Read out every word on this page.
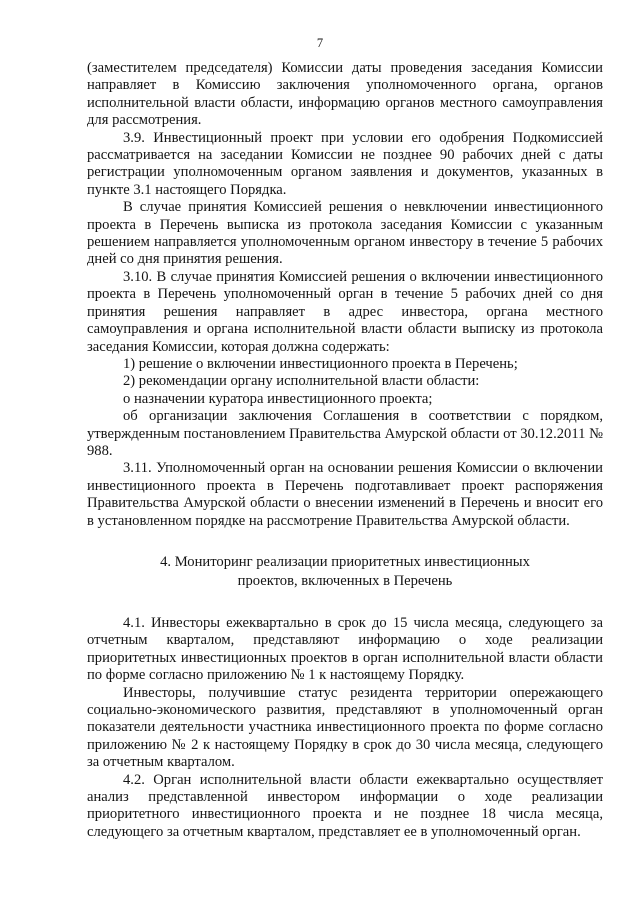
7

(заместителем председателя) Комиссии даты проведения заседания Комиссии направляет в Комиссию заключения уполномоченного органа, органов исполнительной власти области, информацию органов местного самоуправления для рассмотрения.

3.9. Инвестиционный проект при условии его одобрения Подкомиссией рассматривается на заседании Комиссии не позднее 90 рабочих дней с даты регистрации уполномоченным органом заявления и документов, указанных в пункте 3.1 настоящего Порядка.

В случае принятия Комиссией решения о невключении инвестиционного проекта в Перечень выписка из протокола заседания Комиссии с указанным решением направляется уполномоченным органом инвестору в течение 5 рабочих дней со дня принятия решения.

3.10. В случае принятия Комиссией решения о включении инвестиционного проекта в Перечень уполномоченный орган в течение 5 рабочих дней со дня принятия решения направляет в адрес инвестора, органа местного самоуправления и органа исполнительной власти области выписку из протокола заседания Комиссии, которая должна содержать:

1) решение о включении инвестиционного проекта в Перечень;

2) рекомендации органу исполнительной власти области:

о назначении куратора инвестиционного проекта;

об организации заключения Соглашения в соответствии с порядком, утвержденным постановлением Правительства Амурской области от 30.12.2011 № 988.

3.11. Уполномоченный орган на основании решения Комиссии о включении инвестиционного проекта в Перечень подготавливает проект распоряжения Правительства Амурской области о внесении изменений в Перечень и вносит его в установленном порядке на рассмотрение Правительства Амурской области.

4. Мониторинг реализации приоритетных инвестиционных
проектов, включенных в Перечень

4.1. Инвесторы ежеквартально в срок до 15 числа месяца, следующего за отчетным кварталом, представляют информацию о ходе реализации приоритетных инвестиционных проектов в орган исполнительной власти области по форме согласно приложению № 1 к настоящему Порядку.

Инвесторы, получившие статус резидента территории опережающего социально-экономического развития, представляют в уполномоченный орган показатели деятельности участника инвестиционного проекта по форме согласно приложению № 2 к настоящему Порядку в срок до 30 числа месяца, следующего за отчетным кварталом.

4.2. Орган исполнительной власти области ежеквартально осуществляет анализ представленной инвестором информации о ходе реализации приоритетного инвестиционного проекта и не позднее 18 числа месяца, следующего за отчетным кварталом, представляет ее в уполномоченный орган.
